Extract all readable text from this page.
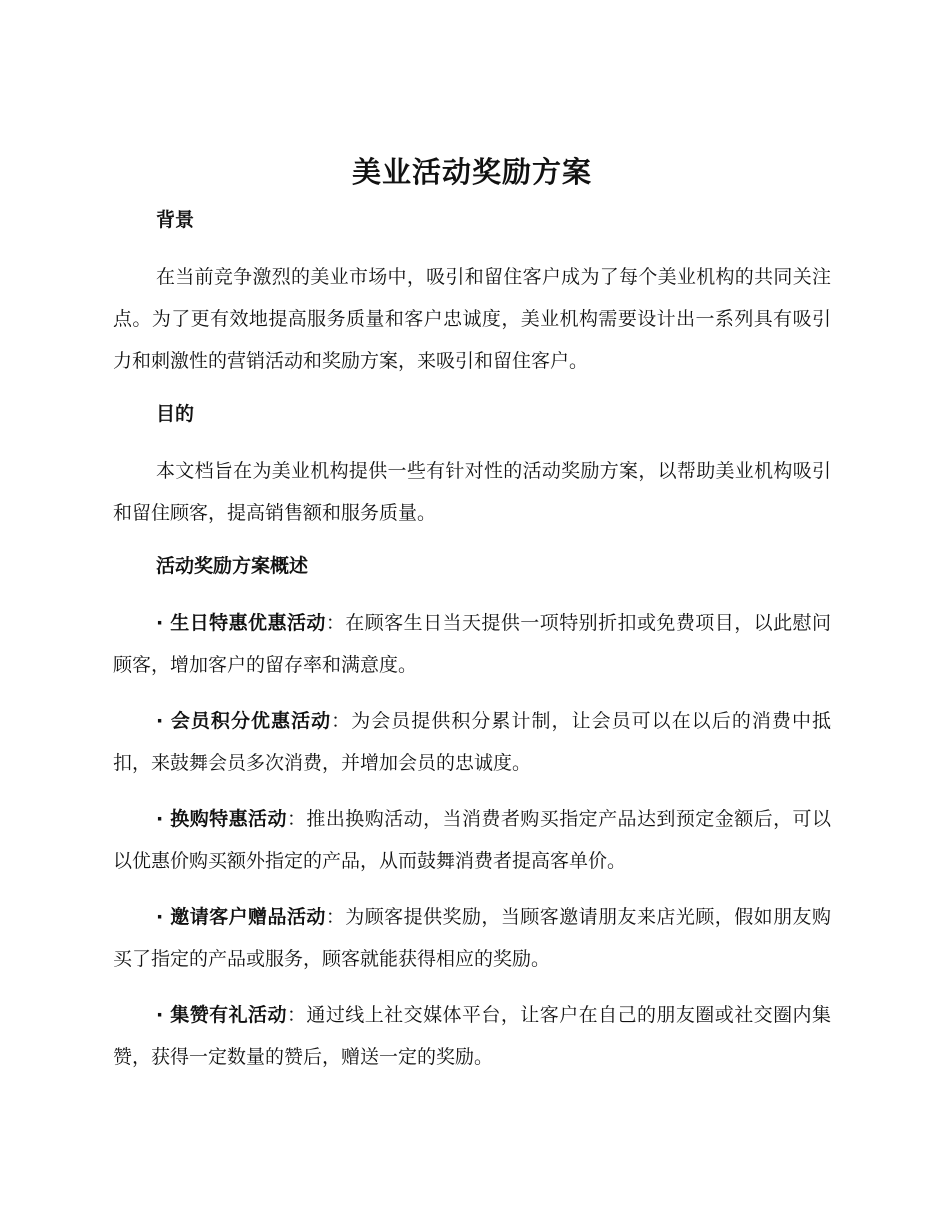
美业活动奖励方案
背景

在当前竞争激烈的美业市场中，吸引和留住客户成为了每个美业机构的共同关注点。为了更有效地提高服务质量和客户忠诚度，美业机构需要设计出一系列具有吸引力和刺激性的营销活动和奖励方案，来吸引和留住客户。

目的

本文档旨在为美业机构提供一些有针对性的活动奖励方案，以帮助美业机构吸引和留住顾客，提高销售额和服务质量。

活动奖励方案概述

· 生日特惠优惠活动：在顾客生日当天提供一项特别折扣或免费项目，以此慰问顾客，增加客户的留存率和满意度。

· 会员积分优惠活动：为会员提供积分累计制，让会员可以在以后的消费中抵扣，来鼓舞会员多次消费，并增加会员的忠诚度。

· 换购特惠活动：推出换购活动，当消费者购买指定产品达到预定金额后，可以以优惠价购买额外指定的产品，从而鼓舞消费者提高客单价。

· 邀请客户赠品活动：为顾客提供奖励，当顾客邀请朋友来店光顾，假如朋友购买了指定的产品或服务，顾客就能获得相应的奖励。

· 集赞有礼活动：通过线上社交媒体平台，让客户在自己的朋友圈或社交圈内集赞，获得一定数量的赞后，赠送一定的奖励。
